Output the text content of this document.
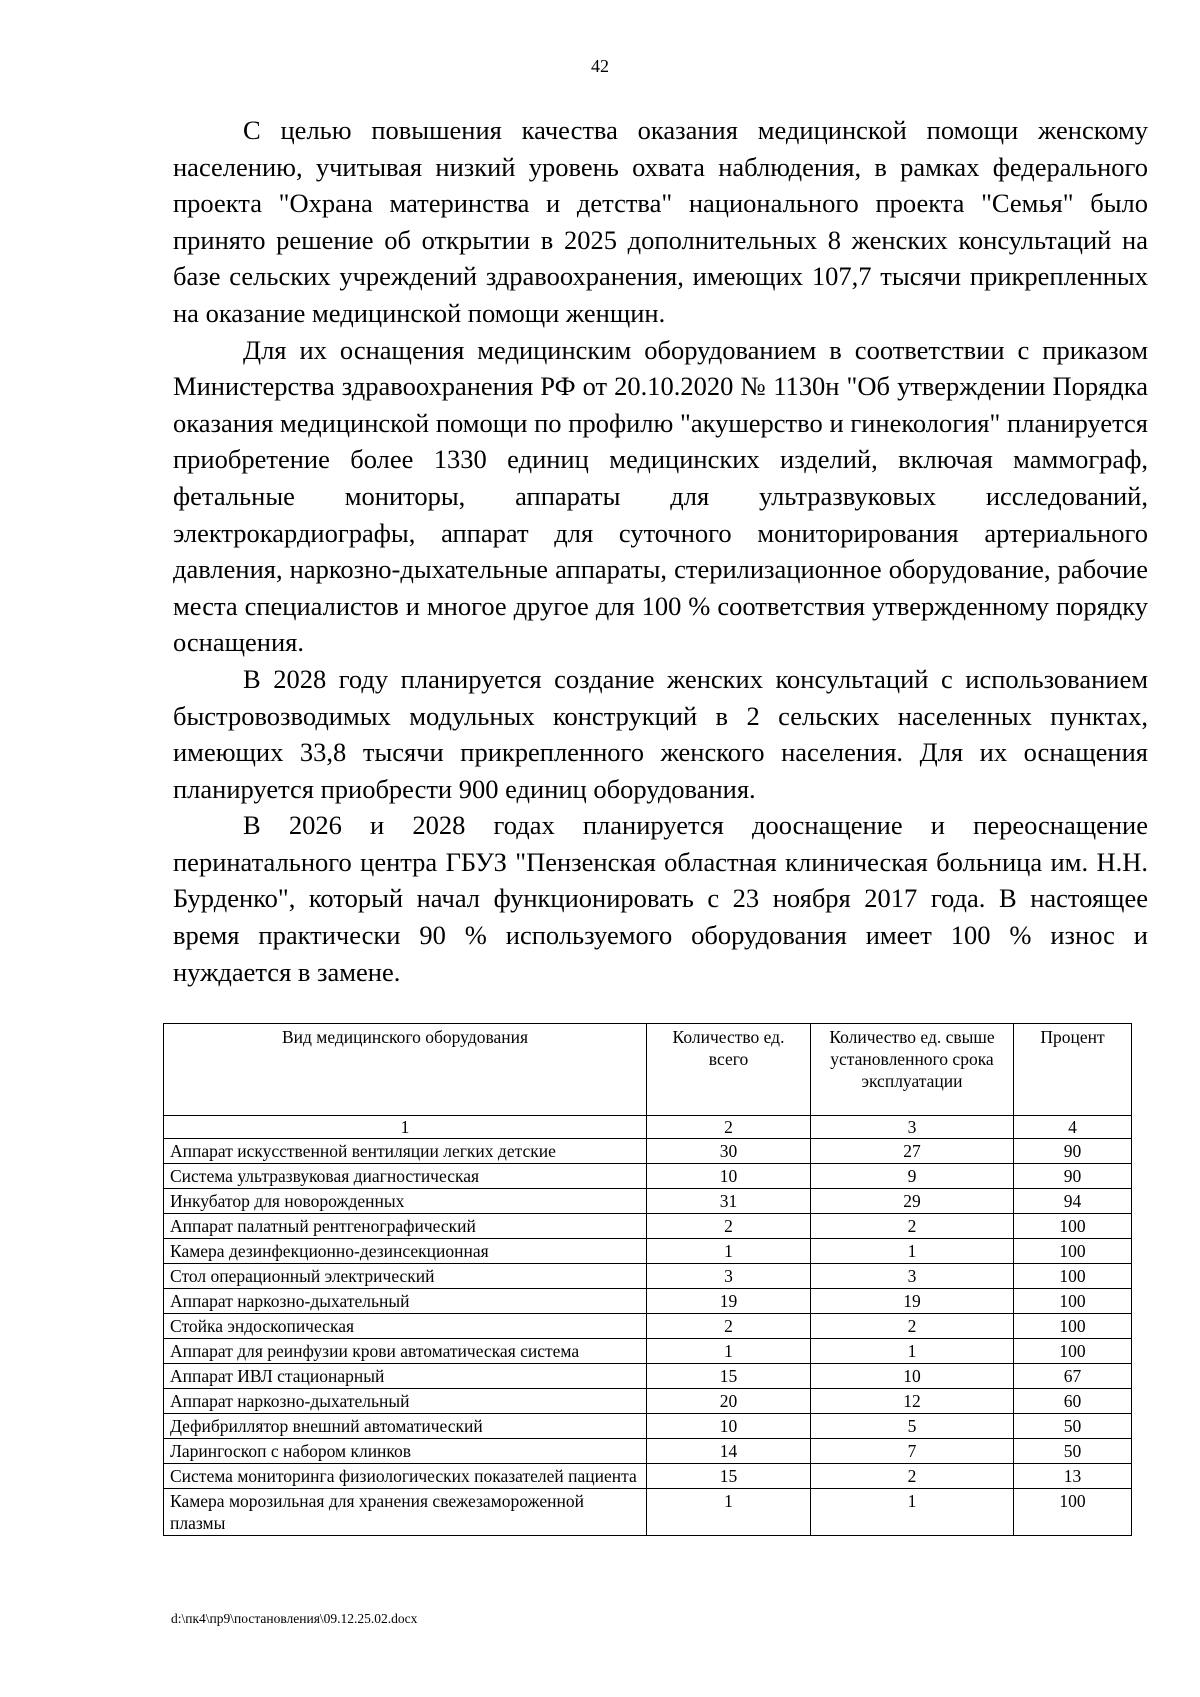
42

С целью повышения качества оказания медицинской помощи женскому населению, учитывая низкий уровень охвата наблюдения, в рамках федерального проекта "Охрана материнства и детства" национального проекта "Семья" было принято решение об открытии в 2025 дополнительных 8 женских консультаций на базе сельских учреждений здравоохранения, имеющих 107,7 тысячи прикрепленных на оказание медицинской помощи женщин.

Для их оснащения медицинским оборудованием в соответствии с приказом Министерства здравоохранения РФ от 20.10.2020 № 1130н "Об утверждении Порядка оказания медицинской помощи по профилю "акушерство и гинекология" планируется приобретение более 1330 единиц медицинских изделий, включая маммограф, фетальные мониторы, аппараты для ультразвуковых исследований, электрокардиографы, аппарат для суточного мониторирования артериального давления, наркозно-дыхательные аппараты, стерилизационное оборудование, рабочие места специалистов и многое другое для 100 % соответствия утвержденному порядку оснащения.

В 2028 году планируется создание женских консультаций с использованием быстровозводимых модульных конструкций в 2 сельских населенных пунктах, имеющих 33,8 тысячи прикрепленного женского населения. Для их оснащения планируется приобрести 900 единиц оборудования.

В 2026 и 2028 годах планируется дооснащение и переоснащение перинатального центра ГБУЗ "Пензенская областная клиническая больница им. Н.Н. Бурденко", который начал функционировать с 23 ноября 2017 года. В настоящее время практически 90 % используемого оборудования имеет 100 % износ и нуждается в замене.

Вид медицинского оборудования	Количество ед. всего	Количество ед. свыше установленного срока эксплуатации	Процент
1	2	3	4
Аппарат искусственной вентиляции легких детские	30	27	90
Система ультразвуковая диагностическая	10	9	90
Инкубатор для новорожденных	31	29	94
Аппарат палатный рентгенографический	2	2	100
Камера дезинфекционно-дезинсекционная	1	1	100
Стол операционный электрический	3	3	100
Аппарат наркозно-дыхательный	19	19	100
Стойка эндоскопическая	2	2	100
Аппарат для реинфузии крови автоматическая система	1	1	100
Аппарат ИВЛ стационарный	15	10	67
Аппарат наркозно-дыхательный	20	12	60
Дефибриллятор внешний автоматический	10	5	50
Ларингоскоп с набором клинков	14	7	50
Система мониторинга физиологических показателей пациента	15	2	13
Камера морозильная для хранения свежезамороженной плазмы	1	1	100
d:\пк4\пр9\постановления\09.12.25.02.docx
